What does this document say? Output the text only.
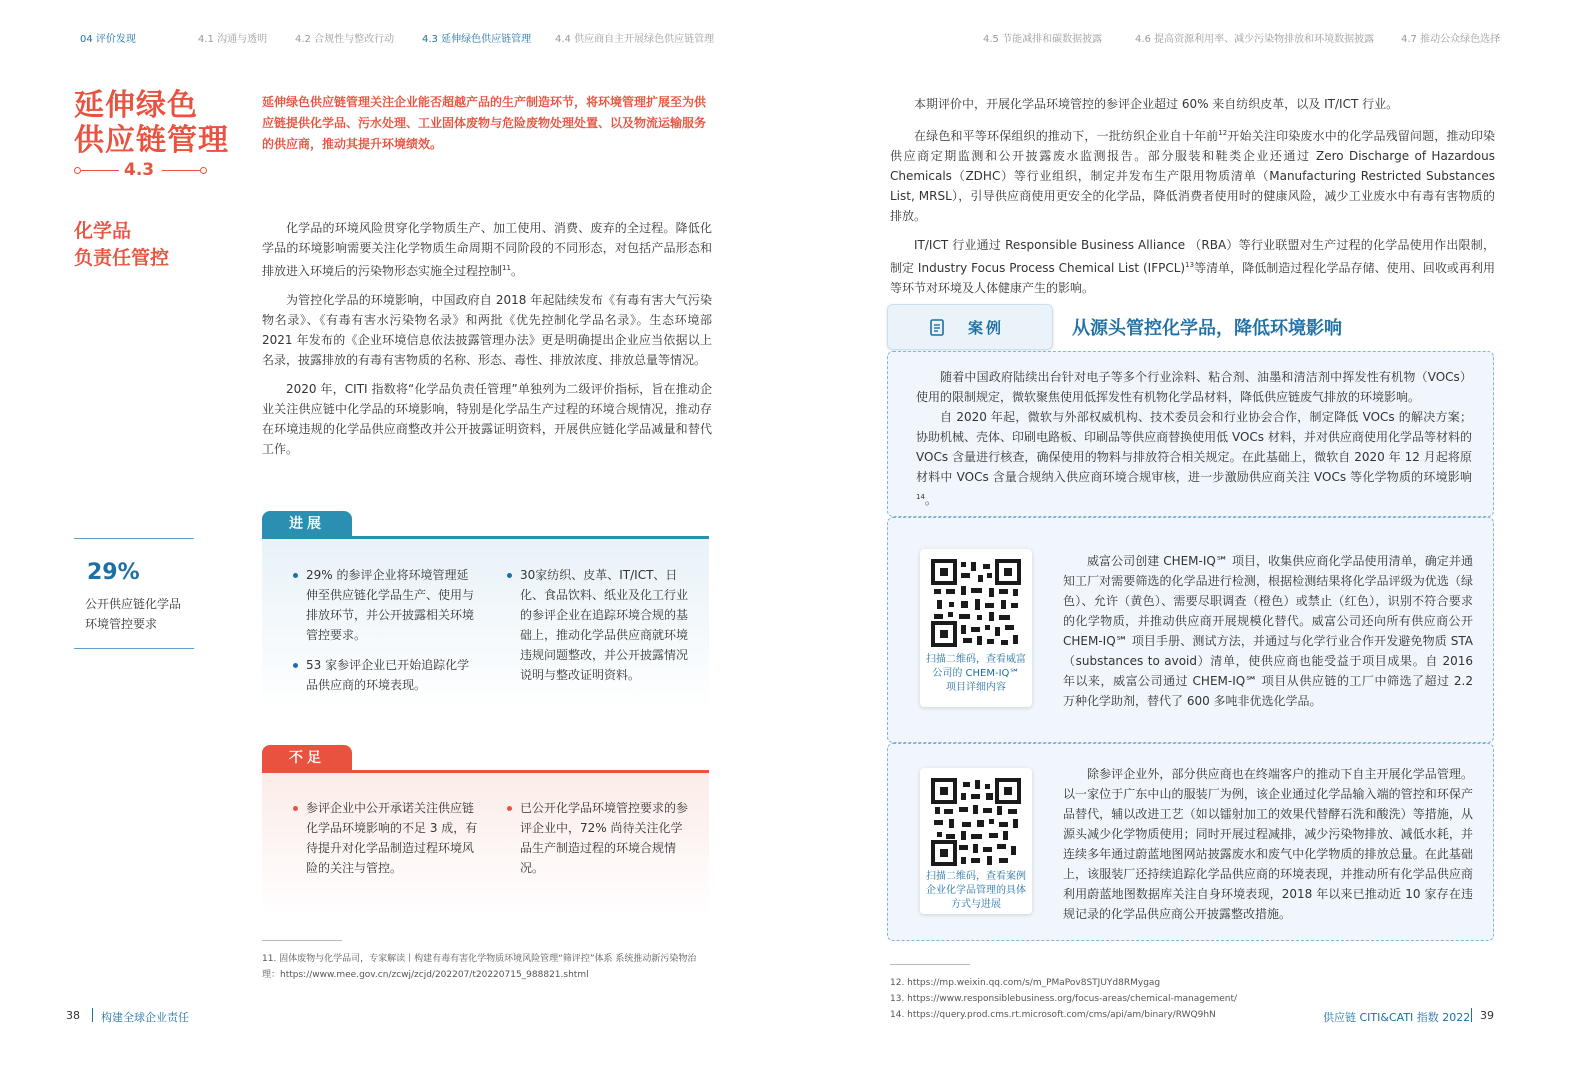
04 评价发现	4.1 沟通与透明	4.2 合规性与整改行动	4.3 延伸绿色供应链管理 4.4 供应商自主开展绿色供应链管理	4.5 节能减排和碳数据披露	4.6 提高资源利用率、减少污染物排放和环境数据披露	4.7 推动公众绿色选择
延伸绿色
供应链管理
4.3
延伸绿色供应链管理关注企业能否超越产品的生产制造环节，将环境管理扩展至为供应链提供化学品、污水处理、工业固体废物与危险废物处理处置、以及物流运输服务的供应商，推动其提升环境绩效。
化学品
负责任管控

化学品的环境风险贯穿化学物质生产、加工使用、消费、废弃的全过程。降低化学品的环境影响需要关注化学物质生命周期不同阶段的不同形态，对包括产品形态和排放进入环境后的污染物形态实施全过程控制$^{11}$。

为管控化学品的环境影响，中国政府自 2018 年起陆续发布《有毒有害大气污染物名录》、《有毒有害水污染物名录》和两批《优先控制化学品名录》。生态环境部 2021 年发布的《企业环境信息依法披露管理办法》更是明确提出企业应当依据以上名录，披露排放的有毒有害物质的名称、形态、毒性、排放浓度、排放总量等情况。

2020 年，CITI 指数将“化学品负责任管理”单独列为二级评价指标，旨在推动企业关注供应链中化学品的环境影响，特别是化学品生产过程的环境合规情况，推动存在环境违规的化学品供应商整改并公开披露证明资料，开展供应链化学品减量和替代工作。

29%
公开供应链化学品
环境管控要求
进展
29% 的参评企业将环境管理延伸至供应链化学品生产、使用与排放环节，并公开披露相关环境管控要求。
53 家参评企业已开始追踪化学品供应商的环境表现。
30家纺织、皮革、IT/ICT、日化、食品饮料、纸业及化工行业的参评企业在追踪环境合规的基础上，推动化学品供应商就环境违规问题整改，并公开披露情况说明与整改证明资料。
不足
参评企业中公开承诺关注供应链化学品环境影响的不足 3 成，有待提升对化学品制造过程环境风险的关注与管控。
已公开化学品环境管控要求的参评企业中，72% 尚待关注化学品生产制造过程的环境合规情况。
11. 固体废物与化学品司，专家解读丨构建有毒有害化学物质环境风险管理“筛评控”体系 系统推动新污染物治理：https://www.mee.gov.cn/zcwj/zcjd/202207/t20220715_988821.shtml
38 构建全球企业责任

本期评价中，开展化学品环境管控的参评企业超过 60% 来自纺织皮革，以及 IT/ICT 行业。

在绿色和平等环保组织的推动下，一批纺织企业自十年前$^{12}$开始关注印染废水中的化学品残留问题，推动印染供应商定期监测和公开披露废水监测报告。部分服装和鞋类企业还通过 Zero Discharge of Hazardous Chemicals（ZDHC）等行业组织，制定并发布生产限用物质清单（Manufacturing Restricted Substances List, MRSL），引导供应商使用更安全的化学品，降低消费者使用时的健康风险，减少工业废水中有毒有害物质的排放。

IT/ICT 行业通过 Responsible Business Alliance （RBA）等行业联盟对生产过程的化学品使用作出限制，制定 Industry Focus Process Chemical List (IFPCL)$^{13}$等清单，降低制造过程化学品存储、使用、回收或再利用等环节对环境及人体健康产生的影响。

案例	从源头管控化学品，降低环境影响

随着中国政府陆续出台针对电子等多个行业涂料、粘合剂、油墨和清洁剂中挥发性有机物（VOCs）使用的限制规定，微软聚焦使用低挥发性有机物化学品材料，降低供应链废气排放的环境影响。

自 2020 年起，微软与外部权威机构、技术委员会和行业协会合作，制定降低 VOCs 的解决方案；协助机械、壳体、印刷电路板、印刷品等供应商替换使用低 VOCs 材料，并对供应商使用化学品等材料的 VOCs 含量进行核查，确保使用的物料与排放符合相关规定。在此基础上，微软自 2020 年 12 月起将原材料中 VOCs 含量合规纳入供应商环境合规审核，进一步激励供应商关注 VOCs 等化学物质的环境影响$^{14}$。

扫描二维码，查看威富公司的 CHEM-IQ℠ 项目详细内容

威富公司创建 CHEM-IQ℠ 项目，收集供应商化学品使用清单，确定并通知工厂对需要筛选的化学品进行检测，根据检测结果将化学品评级为优选（绿色）、允许（黄色）、需要尽职调查（橙色）或禁止（红色），识别不符合要求的化学物质，并推动供应商开展规模化替代。威富公司还向所有供应商公开 CHEM-IQ℠ 项目手册、测试方法，并通过与化学行业合作开发避免物质 STA（substances to avoid）清单，使供应商也能受益于项目成果。自 2016 年以来，威富公司通过 CHEM-IQ℠ 项目从供应链的工厂中筛选了超过 2.2 万种化学助剂，替代了 600 多吨非优选化学品。

扫描二维码，查看案例企业化学品管理的具体方式与进展

除参评企业外，部分供应商也在终端客户的推动下自主开展化学品管理。以一家位于广东中山的服装厂为例，该企业通过化学品输入端的管控和环保产品替代，辅以改进工艺（如以镭射加工的效果代替酵石洗和酸洗）等措施，从源头减少化学物质使用；同时开展过程减排，减少污染物排放、减低水耗，并连续多年通过蔚蓝地图网站披露废水和废气中化学物质的排放总量。在此基础上，该服装厂还持续追踪化学品供应商的环境表现，并推动所有化学品供应商利用蔚蓝地图数据库关注自身环境表现，2018 年以来已推动近 10 家存在违规记录的化学品供应商公开披露整改措施。

12. https://mp.weixin.qq.com/s/m_PMaPov8STJUYd8RMygag
13. https://www.responsiblebusiness.org/focus-areas/chemical-management/
14. https://query.prod.cms.rt.microsoft.com/cms/api/am/binary/RWQ9hN	供应链 CITI&CATI 指数 2022 39
